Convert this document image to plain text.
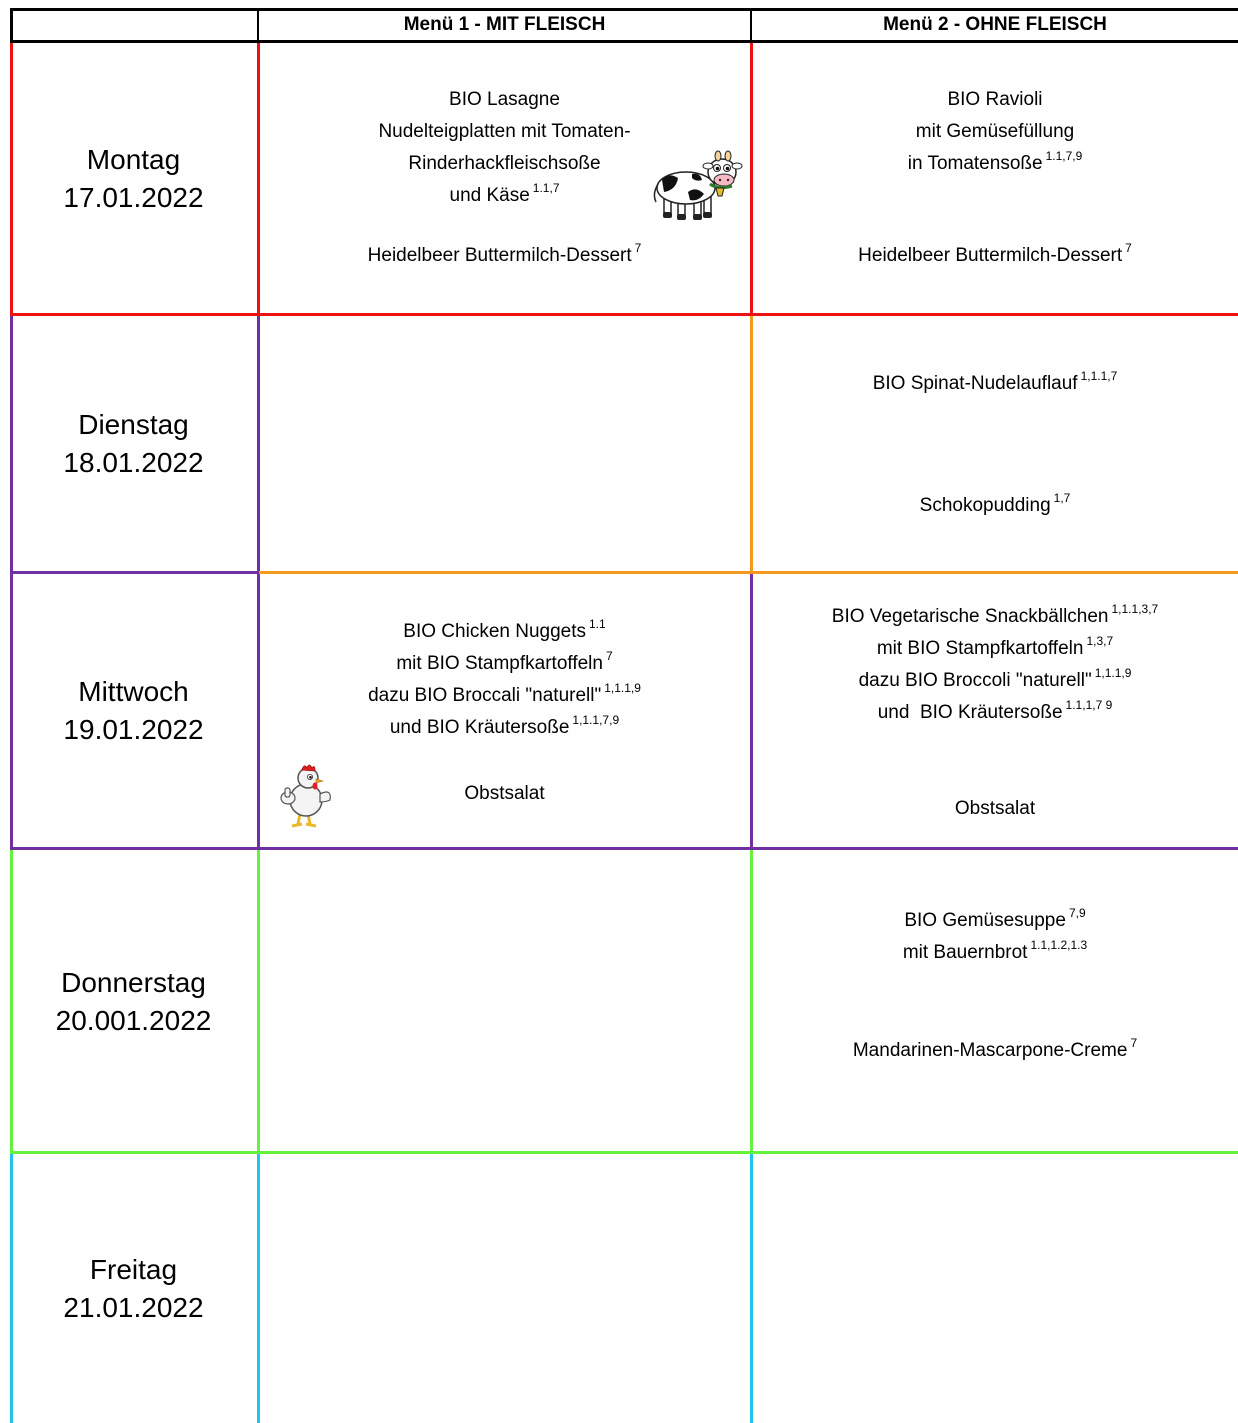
Menü 1 - MIT FLEISCH	Menü 2 - OHNE FLEISCH
Montag
17.01.2022
Dienstag
18.01.2022
Mittwoch
19.01.2022
Donnerstag
20.001.2022
Freitag
21.01.2022
BIO Lasagne
Nudelteigplatten mit Tomaten-
Rinderhackfleischsoße
und Käse $^{1.1,7}$
Heidelbeer Buttermilch-Dessert $^7$
BIO Ravioli
mit Gemüsefüllung
in Tomatensoße $^{1.1,7,9}$
Heidelbeer Buttermilch-Dessert $^7$
BIO Spinat-Nudelauflauf $^{1,1.1,7}$
Schokopudding $^{1,7}$
BIO Chicken Nuggets $^{1.1}$
mit BIO Stampfkartoffeln $^7$
dazu BIO Broccali "naturell" $^{1,1.1,9}$
und BIO Kräutersoße $^{1,1.1,7,9}$
Obstsalat
BIO Vegetarische Snackbällchen $^{1,1.1,3,7}$
mit BIO Stampfkartoffeln $^{1,3,7}$
dazu BIO Broccoli "naturell" $^{1,1.1,9}$
und  BIO Kräutersoße $^{1.1,1,7 9}$
Obstsalat
BIO Gemüsesuppe $^{7,9}$
mit Bauernbrot $^{1.1,1.2,1.3}$
Mandarinen-Mascarpone-Creme $^7$
